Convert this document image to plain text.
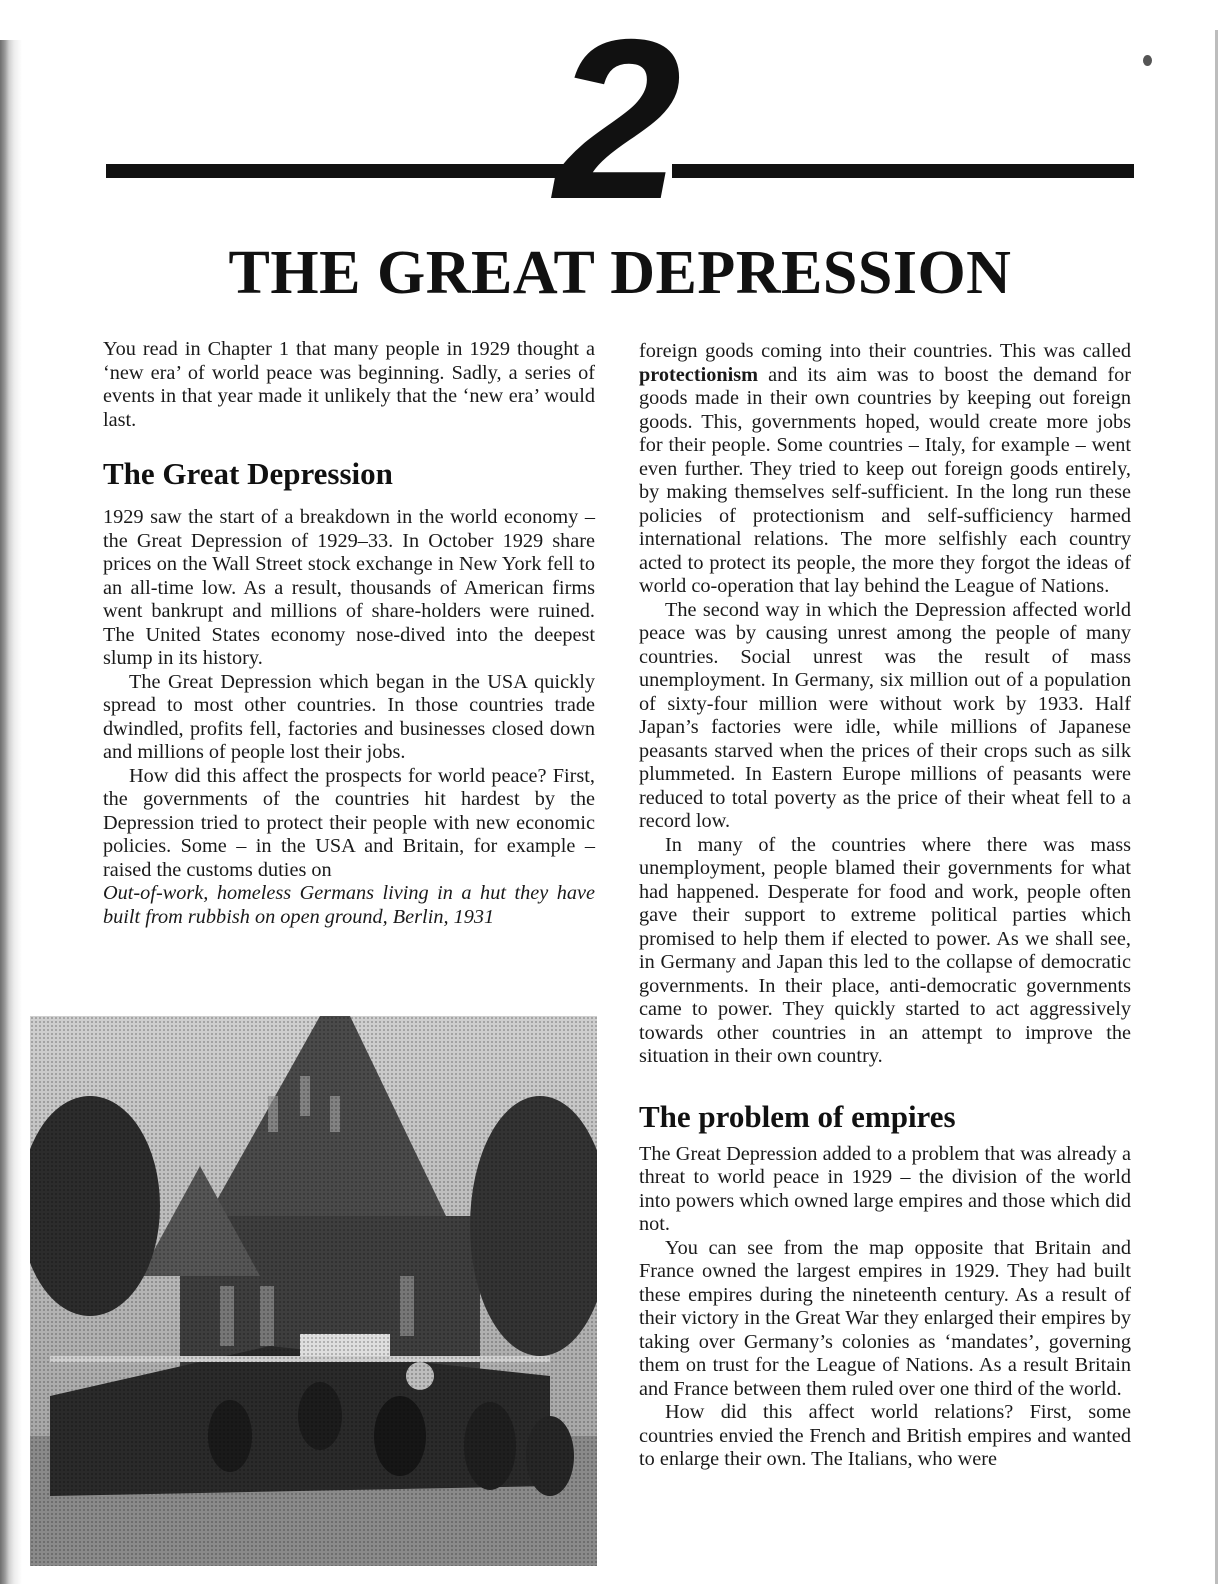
2
THE GREAT DEPRESSION

You read in Chapter 1 that many people in 1929 thought a ‘new era’ of world peace was beginning. Sadly, a series of events in that year made it unlikely that the ‘new era’ would last.

The Great Depression

1929 saw the start of a breakdown in the world economy – the Great Depression of 1929–33. In October 1929 share prices on the Wall Street stock exchange in New York fell to an all-time low. As a result, thousands of American firms went bankrupt and millions of share-holders were ruined. The United States economy nose-dived into the deepest slump in its history.

The Great Depression which began in the USA quickly spread to most other countries. In those countries trade dwindled, profits fell, factories and businesses closed down and millions of people lost their jobs.

How did this affect the prospects for world peace? First, the governments of the countries hit hardest by the Depression tried to protect their people with new economic policies. Some – in the USA and Britain, for example – raised the customs duties on

Out-of-work, homeless Germans living in a hut they have built from rubbish on open ground, Berlin, 1931

foreign goods coming into their countries. This was called protectionism and its aim was to boost the demand for goods made in their own countries by keeping out foreign goods. This, governments hoped, would create more jobs for their people. Some countries – Italy, for example – went even further. They tried to keep out foreign goods entirely, by making themselves self-sufficient. In the long run these policies of protectionism and self-sufficiency harmed international relations. The more selfishly each country acted to protect its people, the more they forgot the ideas of world co-operation that lay behind the League of Nations.

The second way in which the Depression affected world peace was by causing unrest among the people of many countries. Social unrest was the result of mass unemployment. In Germany, six million out of a population of sixty-four million were without work by 1933. Half Japan’s factories were idle, while millions of Japanese peasants starved when the prices of their crops such as silk plummeted. In Eastern Europe millions of peasants were reduced to total poverty as the price of their wheat fell to a record low.

In many of the countries where there was mass unemployment, people blamed their governments for what had happened. Desperate for food and work, people often gave their support to extreme political parties which promised to help them if elected to power. As we shall see, in Germany and Japan this led to the collapse of democratic governments. In their place, anti-democratic governments came to power. They quickly started to act aggressively towards other countries in an attempt to improve the situation in their own country.

The problem of empires

The Great Depression added to a problem that was already a threat to world peace in 1929 – the division of the world into powers which owned large empires and those which did not.

You can see from the map opposite that Britain and France owned the largest empires in 1929. They had built these empires during the nineteenth century. As a result of their victory in the Great War they enlarged their empires by taking over Germany’s colonies as ‘mandates’, governing them on trust for the League of Nations. As a result Britain and France between them ruled over one third of the world.

How did this affect world relations? First, some countries envied the French and British empires and wanted to enlarge their own. The Italians, who were
